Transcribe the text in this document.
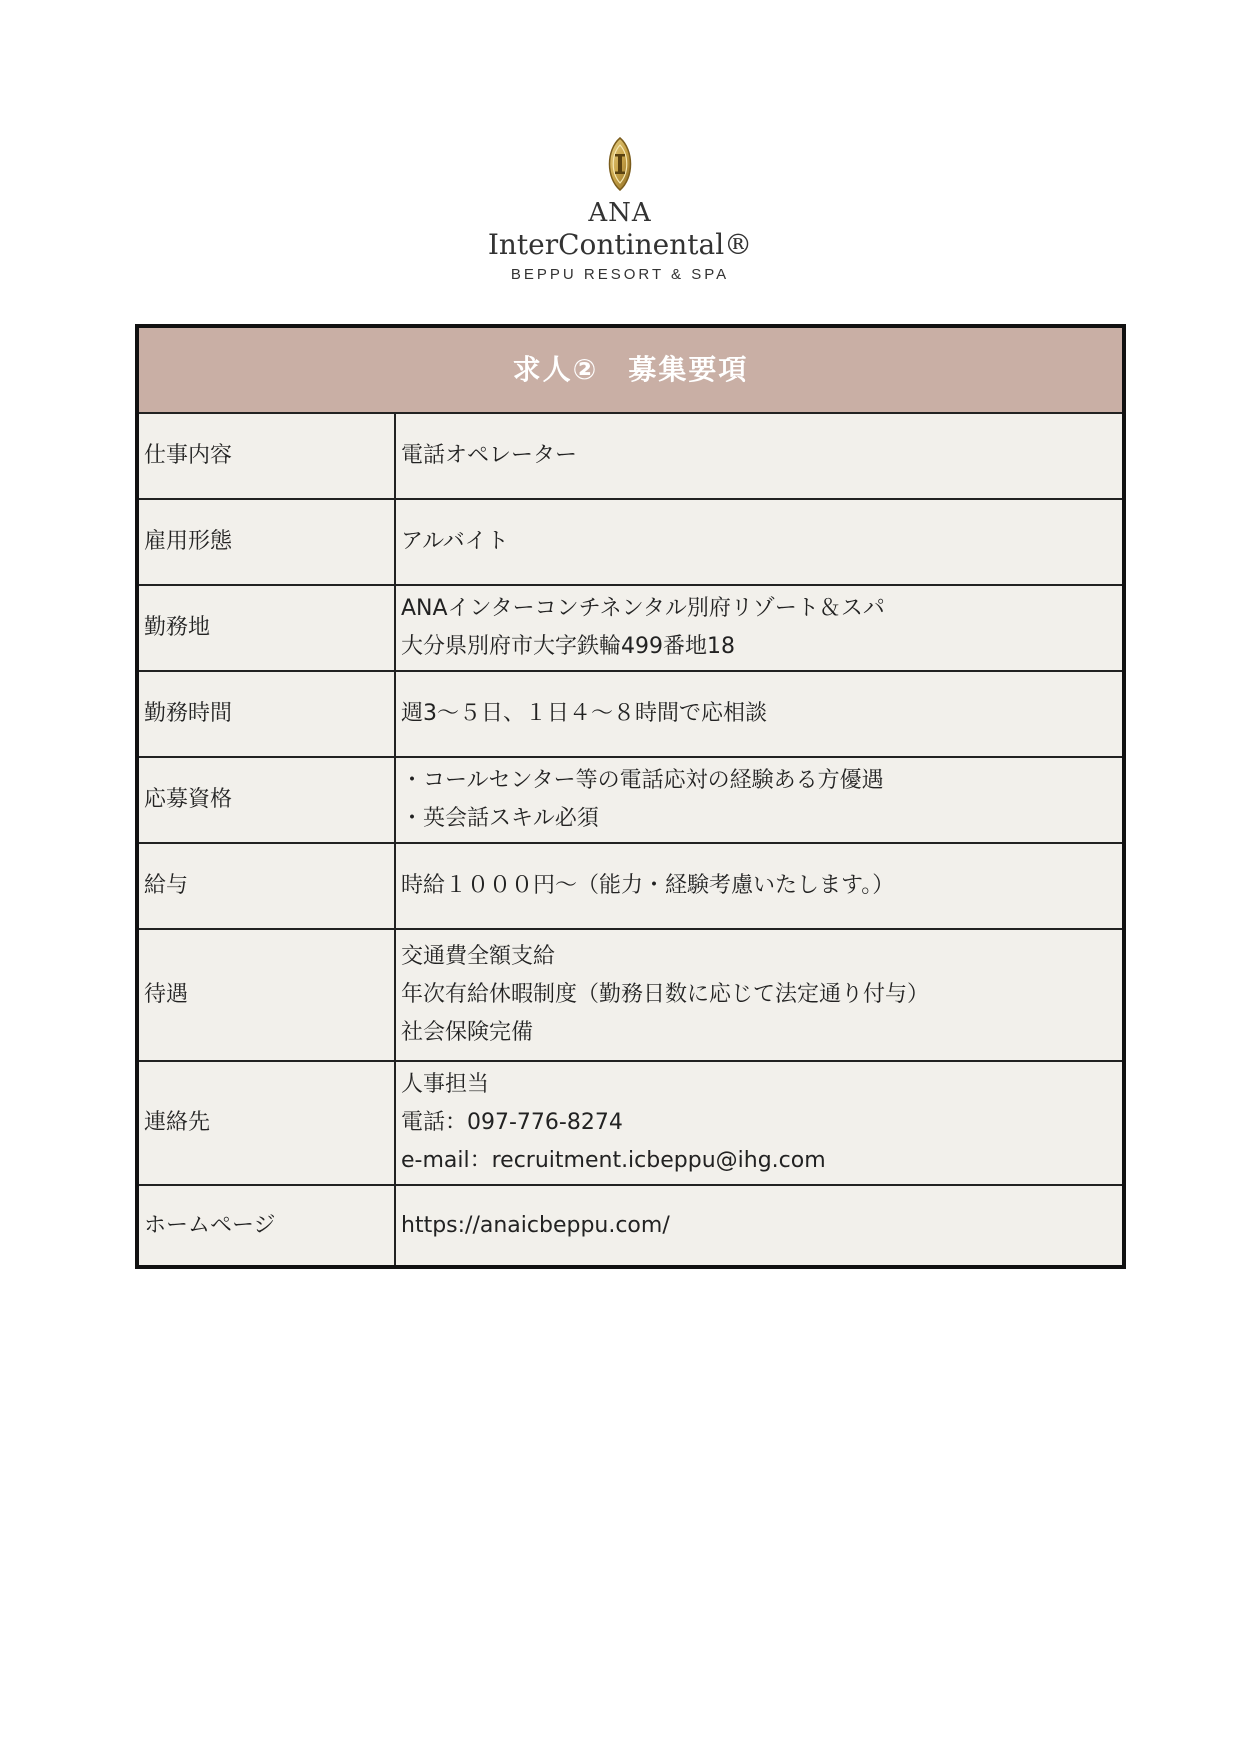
ANA
InterContinental®
BEPPU RESORT & SPA
求人②　募集要項	
仕事内容	電話オペレーター

雇用形態	アルバイト

勤務地	ANAインターコンチネンタル別府リゾート＆スパ
大分県別府市大字鉄輪499番地18

勤務時間	週3～５日、１日４～８時間で応相談

応募資格	・コールセンター等の電話応対の経験ある方優遇
・英会話スキル必須

給与	時給１０００円～（能力・経験考慮いたします。）

待遇	交通費全額支給
年次有給休暇制度（勤務日数に応じて法定通り付与）
社会保険完備

連絡先	人事担当
電話：097-776-8274
e-mail：recruitment.icbeppu@ihg.com

ホームページ	https://anaicbeppu.com/
